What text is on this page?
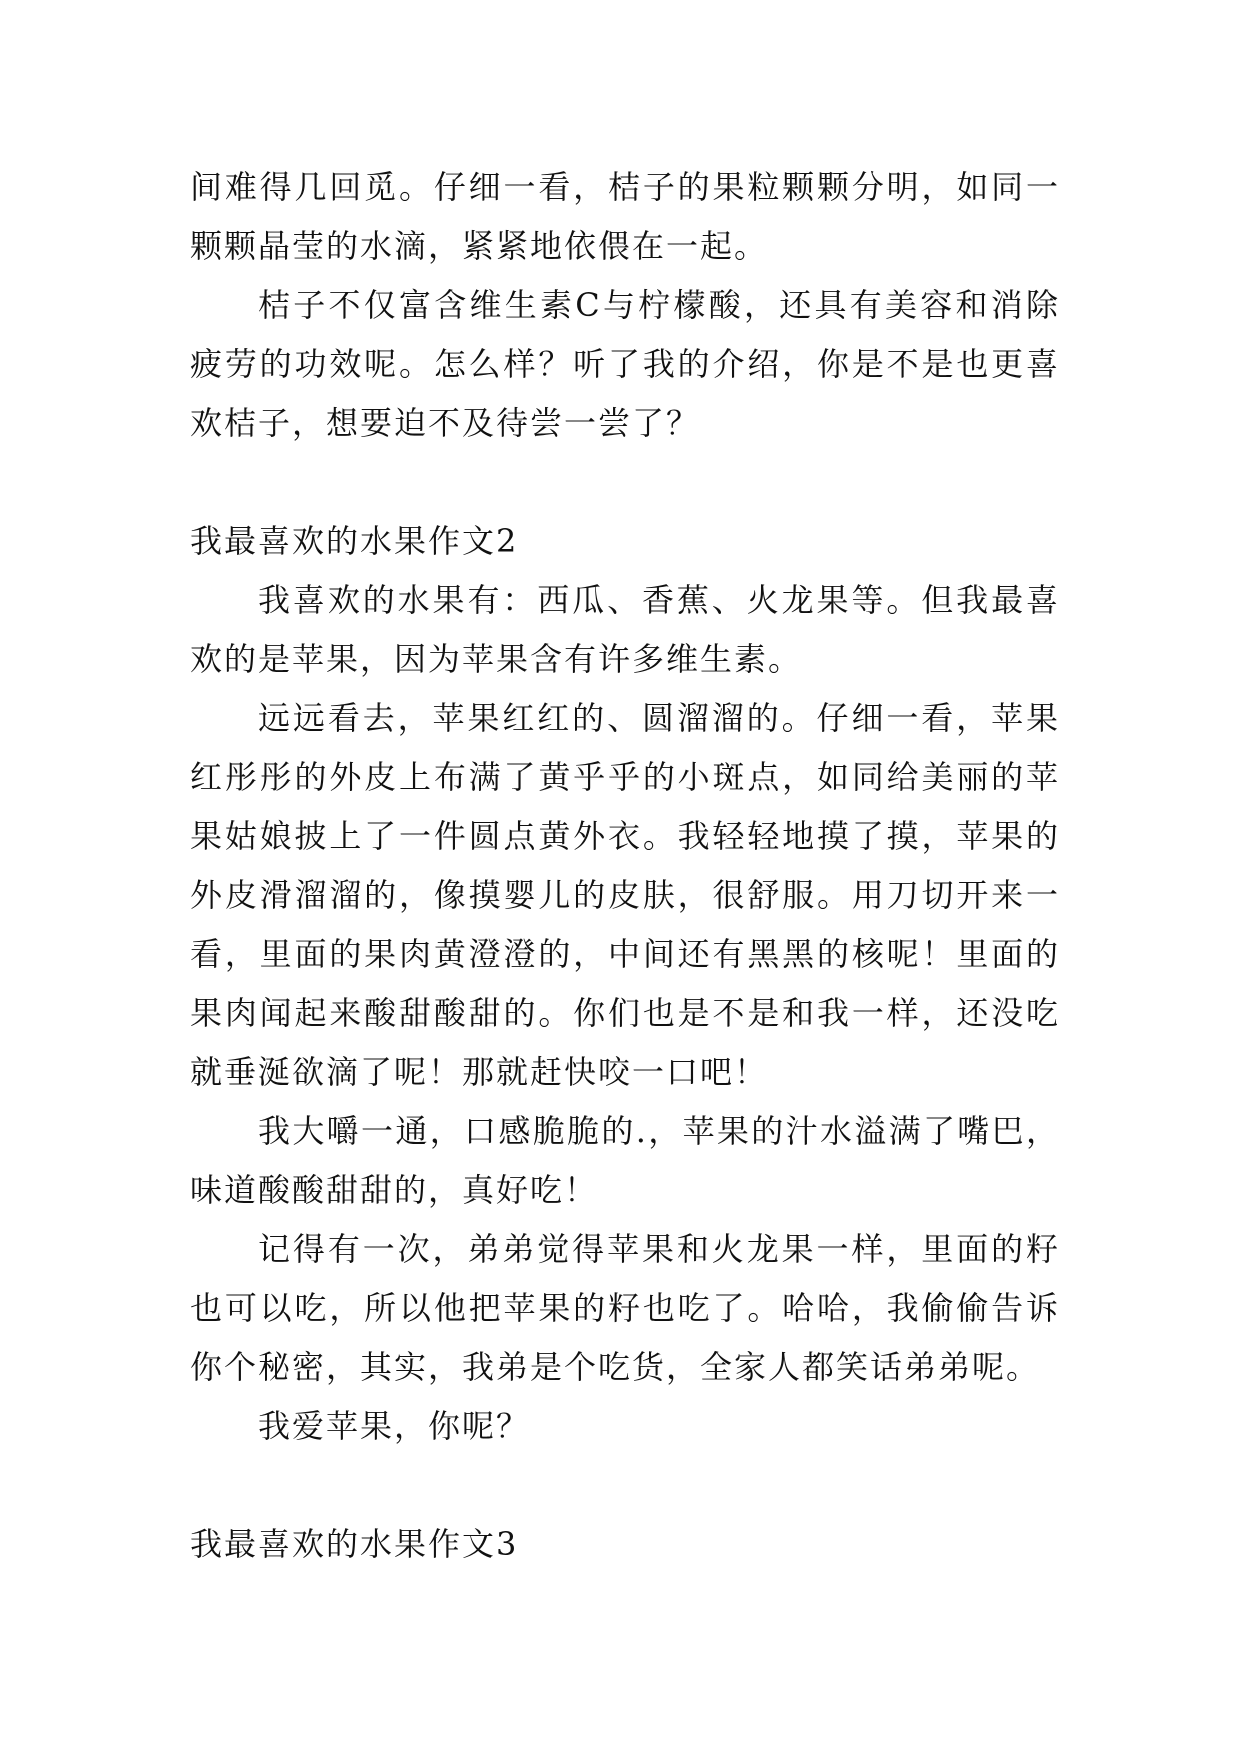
间难得几回觅。仔细一看，桔子的果粒颗颗分明，如同一颗颗晶莹的水滴，紧紧地依偎在一起。

桔子不仅富含维生素C与柠檬酸，还具有美容和消除疲劳的功效呢。怎么样？听了我的介绍，你是不是也更喜欢桔子，想要迫不及待尝一尝了？

我最喜欢的水果作文2

我喜欢的水果有：西瓜、香蕉、火龙果等。但我最喜欢的是苹果，因为苹果含有许多维生素。

远远看去，苹果红红的、圆溜溜的。仔细一看，苹果红彤彤的外皮上布满了黄乎乎的小斑点，如同给美丽的苹果姑娘披上了一件圆点黄外衣。我轻轻地摸了摸，苹果的外皮滑溜溜的，像摸婴儿的皮肤，很舒服。用刀切开来一看，里面的果肉黄澄澄的，中间还有黑黑的核呢！里面的果肉闻起来酸甜酸甜的。你们也是不是和我一样，还没吃就垂涎欲滴了呢！那就赶快咬一口吧！

我大嚼一通，口感脆脆的.，苹果的汁水溢满了嘴巴，味道酸酸甜甜的，真好吃！

记得有一次，弟弟觉得苹果和火龙果一样，里面的籽也可以吃，所以他把苹果的籽也吃了。哈哈，我偷偷告诉你个秘密，其实，我弟是个吃货，全家人都笑话弟弟呢。

我爱苹果，你呢？

我最喜欢的水果作文3
